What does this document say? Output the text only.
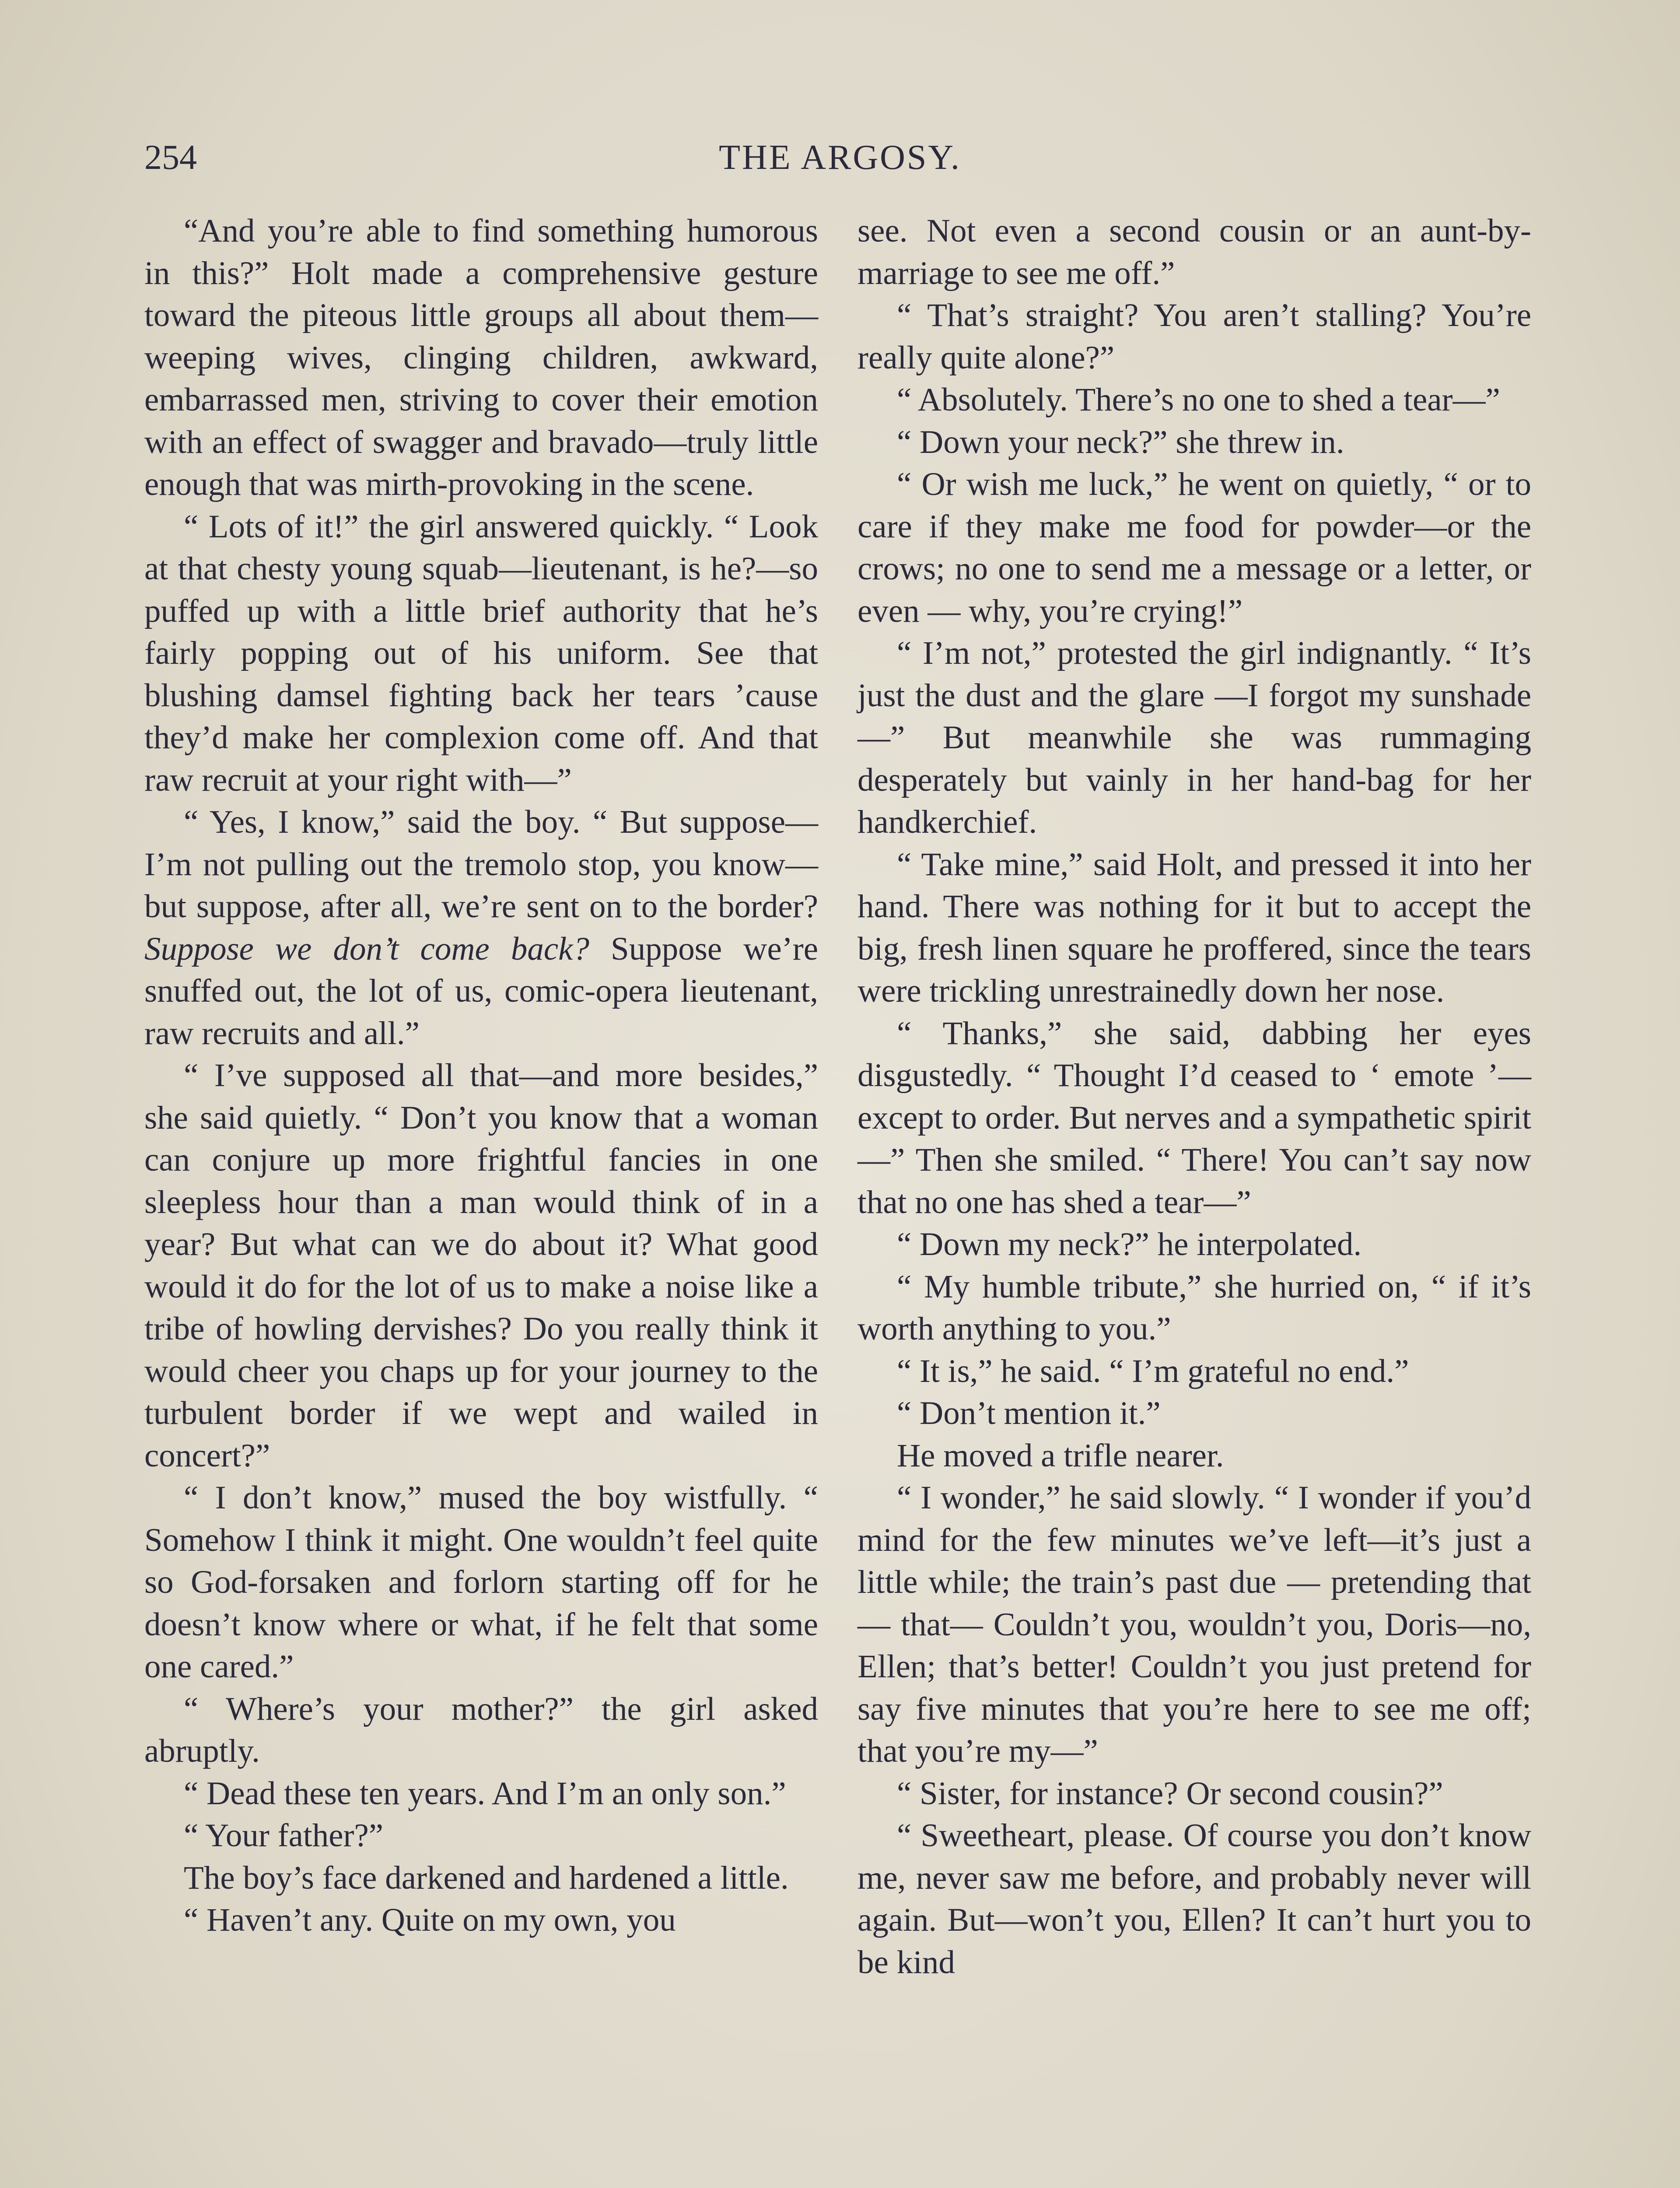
254	THE ARGOSY.

“And you’re able to find something humorous in this?” Holt made a comprehensive gesture toward the piteous little groups all about them—weeping wives, clinging children, awkward, embarrassed men, striving to cover their emotion with an effect of swagger and bravado—truly little enough that was mirth-provoking in the scene.

“ Lots of it!” the girl answered quickly. “ Look at that chesty young squab—lieutenant, is he?—so puffed up with a little brief authority that he’s fairly popping out of his uniform. See that blushing damsel fighting back her tears ’cause they’d make her complexion come off. And that raw recruit at your right with—”

“ Yes, I know,” said the boy. “ But suppose—I’m not pulling out the tremolo stop, you know—but suppose, after all, we’re sent on to the border? Suppose we don’t come back? Suppose we’re snuffed out, the lot of us, comic-opera lieutenant, raw recruits and all.”

“ I’ve supposed all that—and more besides,” she said quietly. “ Don’t you know that a woman can conjure up more frightful fancies in one sleepless hour than a man would think of in a year? But what can we do about it? What good would it do for the lot of us to make a noise like a tribe of howling dervishes? Do you really think it would cheer you chaps up for your journey to the turbulent border if we wept and wailed in concert?”

“ I don’t know,” mused the boy wistfully. “ Somehow I think it might. One wouldn’t feel quite so God-forsaken and forlorn starting off for he doesn’t know where or what, if he felt that some one cared.”

“ Where’s your mother?” the girl asked abruptly.

“ Dead these ten years. And I’m an only son.”

“ Your father?”

The boy’s face darkened and hardened a little.

“ Haven’t any. Quite on my own, you

see. Not even a second cousin or an aunt-by-marriage to see me off.”

“ That’s straight? You aren’t stalling? You’re really quite alone?”

“ Absolutely. There’s no one to shed a tear—”

“ Down your neck?” she threw in.

“ Or wish me luck,” he went on quietly, “ or to care if they make me food for powder—or the crows; no one to send me a message or a letter, or even — why, you’re crying!”

“ I’m not,” protested the girl indignantly. “ It’s just the dust and the glare —I forgot my sunshade—” But meanwhile she was rummaging desperately but vainly in her hand-bag for her handkerchief.

“ Take mine,” said Holt, and pressed it into her hand. There was nothing for it but to accept the big, fresh linen square he proffered, since the tears were trickling unrestrainedly down her nose.

“ Thanks,” she said, dabbing her eyes disgustedly. “ Thought I’d ceased to ‘ emote ’—except to order. But nerves and a sympathetic spirit—” Then she smiled. “ There! You can’t say now that no one has shed a tear—”

“ Down my neck?” he interpolated.

“ My humble tribute,” she hurried on, “ if it’s worth anything to you.”

“ It is,” he said. “ I’m grateful no end.”

“ Don’t mention it.”

He moved a trifle nearer.

“ I wonder,” he said slowly. “ I wonder if you’d mind for the few minutes we’ve left—it’s just a little while; the train’s past due — pretending that — that— Couldn’t you, wouldn’t you, Doris—no, Ellen; that’s better! Couldn’t you just pretend for say five minutes that you’re here to see me off; that you’re my—”

“ Sister, for instance? Or second cousin?”

“ Sweetheart, please. Of course you don’t know me, never saw me before, and probably never will again. But—won’t you, Ellen? It can’t hurt you to be kind
